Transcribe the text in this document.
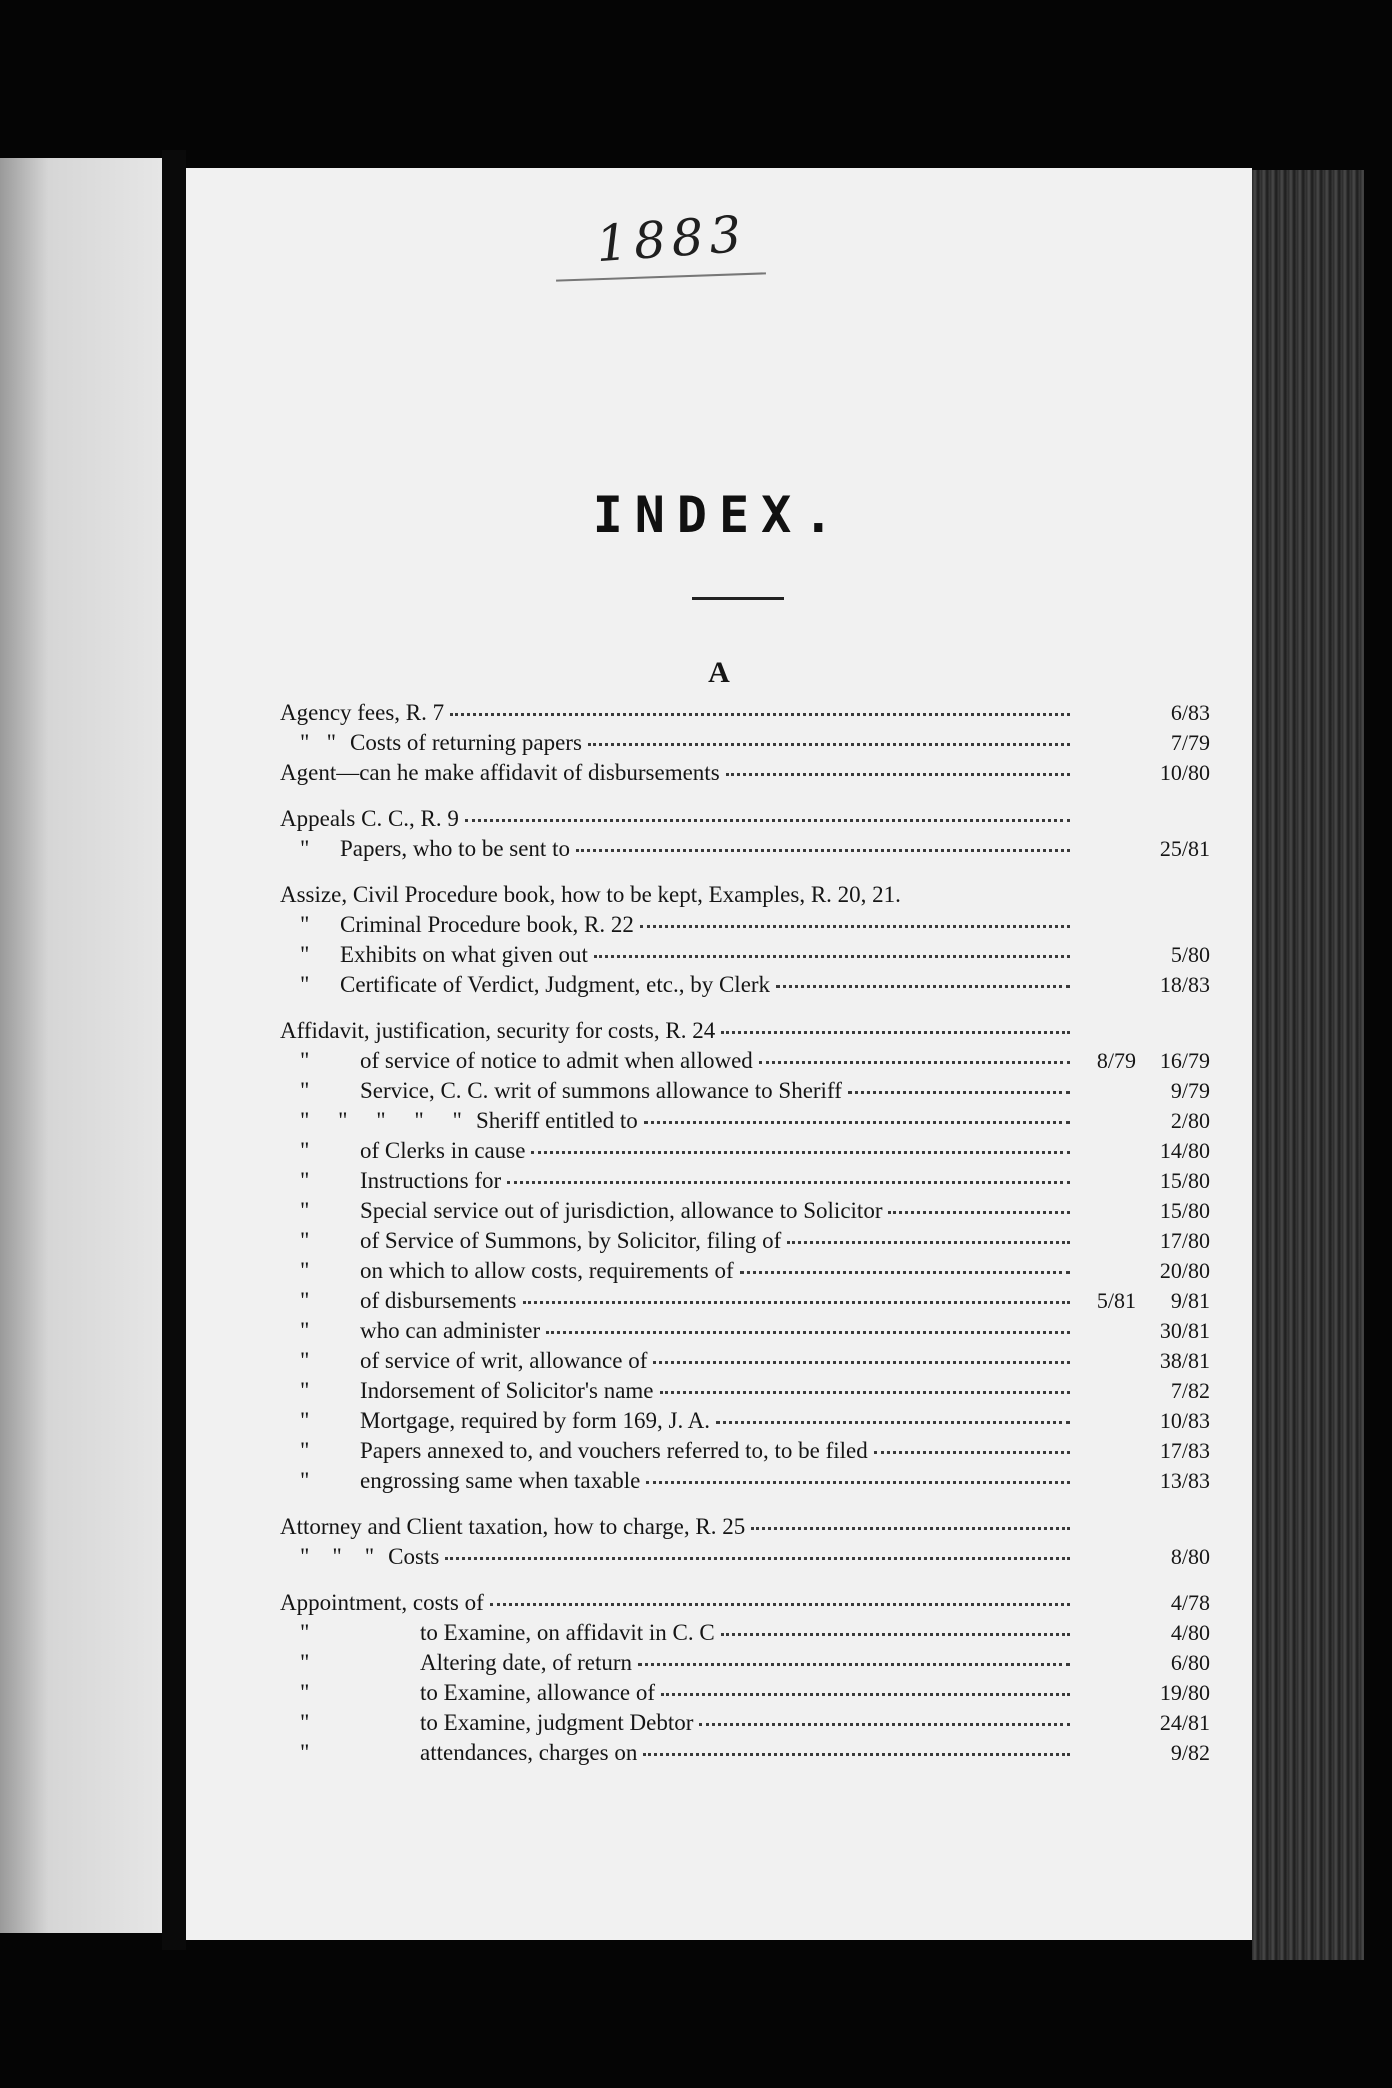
1883
INDEX.
A
Agency fees, R. 7	6/83
"   " Costs of returning papers	7/79
Agent—can he make affidavit of disbursements	10/80
Appeals C. C., R. 9
"	Papers, who to be sent to	25/81
Assize, Civil Procedure book, how to be kept, Examples, R. 20, 21.
"	Criminal Procedure book, R. 22
"	Exhibits on what given out	5/80
"	Certificate of Verdict, Judgment, etc., by Clerk	18/83
Affidavit, justification, security for costs, R. 24
"	of service of notice to admit when allowed	8/79	16/79
"	Service, C. C. writ of summons allowance to Sheriff	9/79
"     "     "     "     " Sheriff entitled to	2/80
"	of Clerks in cause	14/80
"	Instructions for	15/80
"	Special service out of jurisdiction, allowance to Solicitor	15/80
"	of Service of Summons, by Solicitor, filing of	17/80
"	on which to allow costs, requirements of	20/80
"	of disbursements	5/81	9/81
"	who can administer	30/81
"	of service of writ, allowance of	38/81
"	Indorsement of Solicitor's name	7/82
"	Mortgage, required by form 169, J. A.	10/83
"	Papers annexed to, and vouchers referred to, to be filed	17/83
"	engrossing same when taxable	13/83
Attorney and Client taxation, how to charge, R. 25
"    "    " Costs	8/80
Appointment, costs of	4/78
"	to Examine, on affidavit in C. C	4/80
"	Altering date, of return	6/80
"	to Examine, allowance of	19/80
"	to Examine, judgment Debtor	24/81
"	attendances, charges on	9/82
